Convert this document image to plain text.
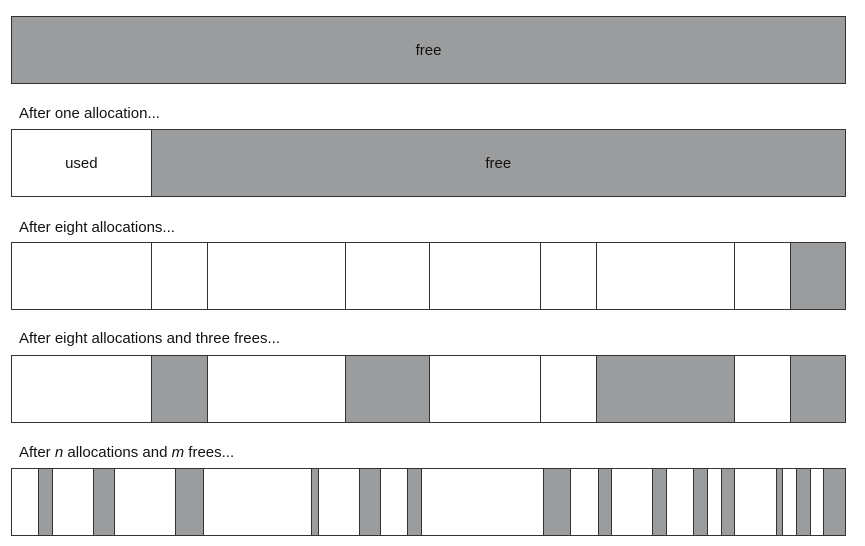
free
After one allocation...
used	free
After eight allocations...
After eight allocations and three frees...
After n allocations and m frees...
